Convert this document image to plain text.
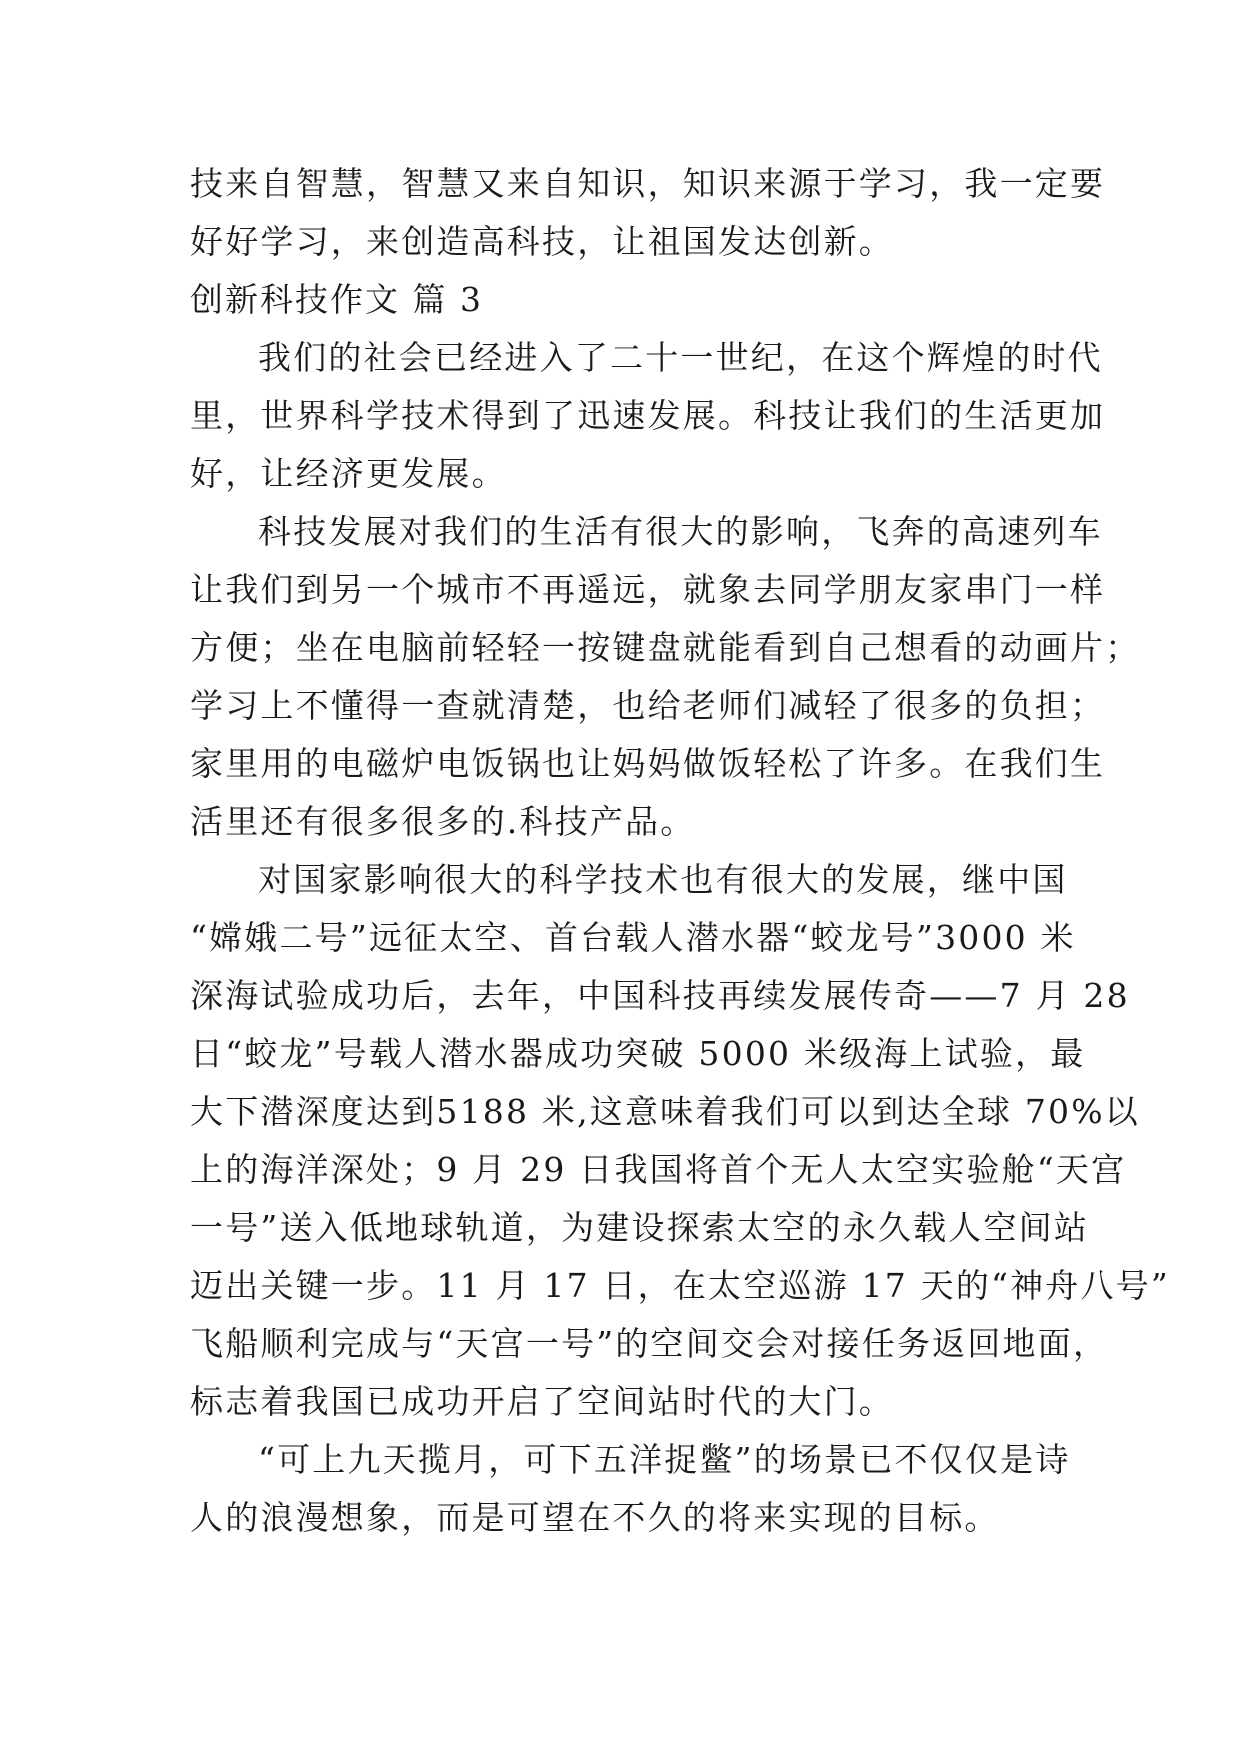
技来自智慧，智慧又来自知识，知识来源于学习，我一定要
好好学习，来创造高科技，让祖国发达创新。
创新科技作文 篇 3
我们的社会已经进入了二十一世纪，在这个辉煌的时代
里，世界科学技术得到了迅速发展。科技让我们的生活更加
好，让经济更发展。
科技发展对我们的生活有很大的影响，飞奔的高速列车
让我们到另一个城市不再遥远，就象去同学朋友家串门一样
方便；坐在电脑前轻轻一按键盘就能看到自己想看的动画片；
学习上不懂得一查就清楚，也给老师们减轻了很多的负担；
家里用的电磁炉电饭锅也让妈妈做饭轻松了许多。在我们生
活里还有很多很多的.科技产品。
对国家影响很大的科学技术也有很大的发展，继中国
“嫦娥二号”远征太空、首台载人潜水器“蛟龙号”3000 米
深海试验成功后，去年，中国科技再续发展传奇——7 月 28
日“蛟龙”号载人潜水器成功突破 5000 米级海上试验，最
大下潜深度达到5188 米,这意味着我们可以到达全球 70%以
上的海洋深处；9 月 29 日我国将首个无人太空实验舱“天宫
一号”送入低地球轨道，为建设探索太空的永久载人空间站
迈出关键一步。11 月 17 日，在太空巡游 17 天的“神舟八号”
飞船顺利完成与“天宫一号”的空间交会对接任务返回地面，
标志着我国已成功开启了空间站时代的大门。
“可上九天揽月，可下五洋捉鳖”的场景已不仅仅是诗
人的浪漫想象，而是可望在不久的将来实现的目标。
